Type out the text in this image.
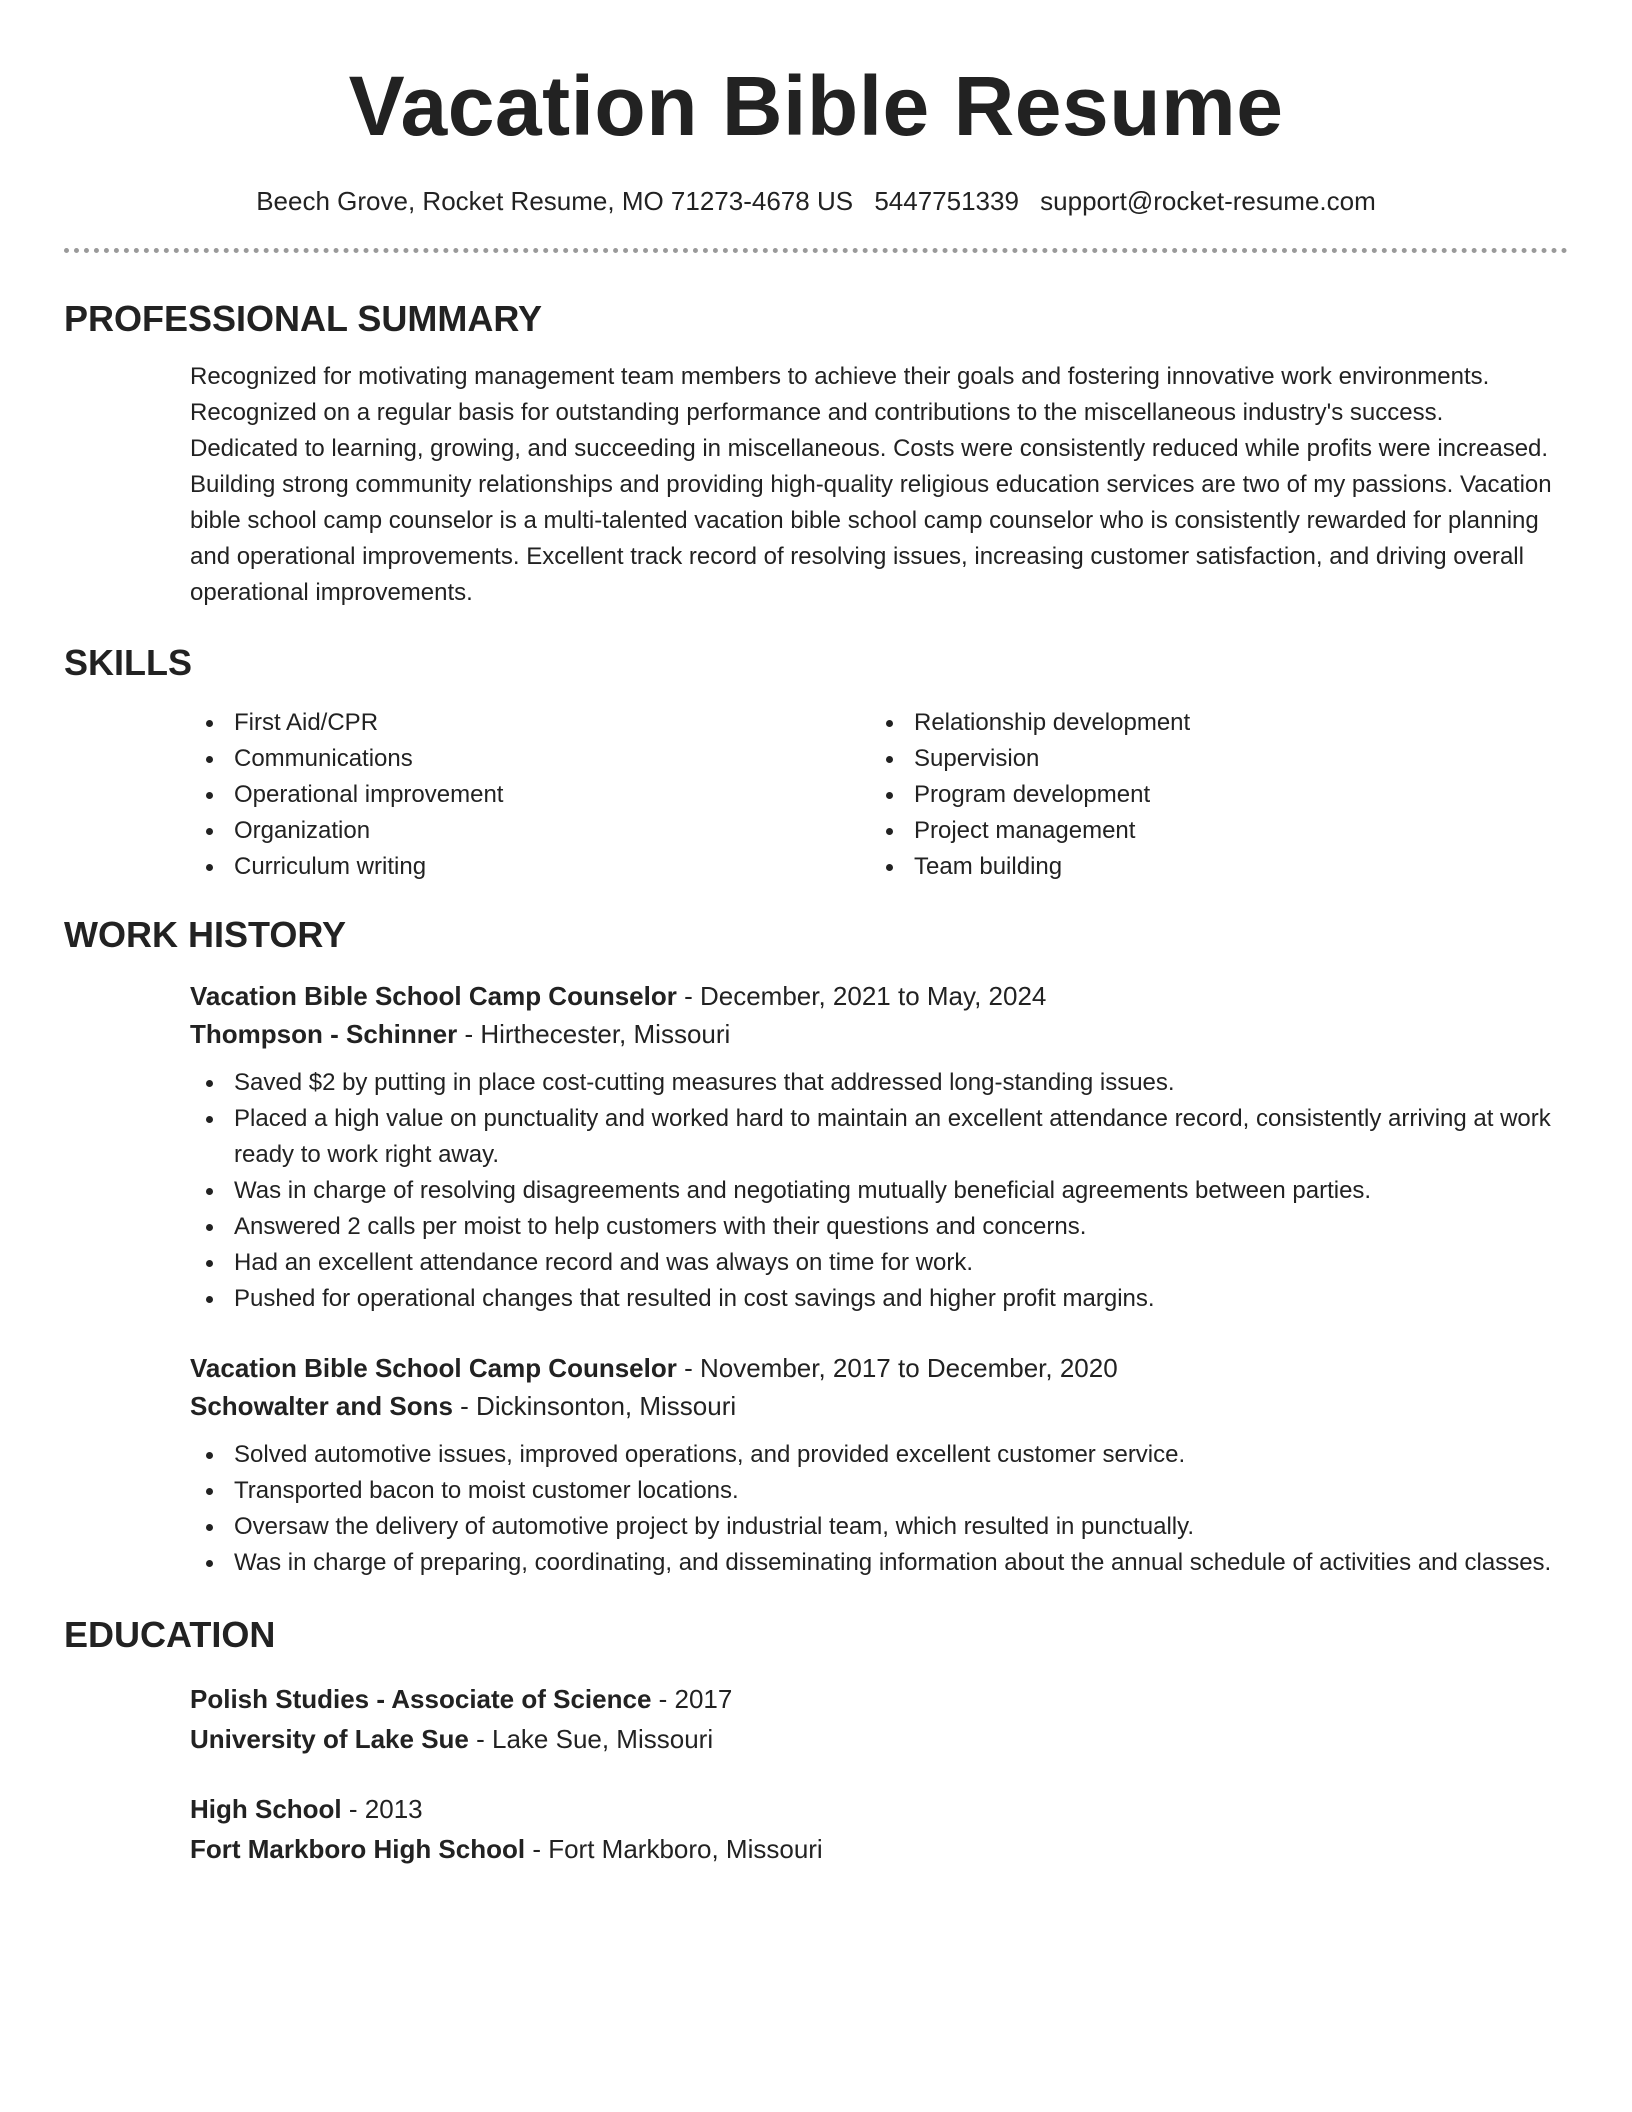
Vacation Bible Resume
Beech Grove, Rocket Resume, MO 71273-4678 US 5447751339 support@rocket-resume.com
PROFESSIONAL SUMMARY

Recognized for motivating management team members to achieve their goals and fostering innovative work environments. Recognized on a regular basis for outstanding performance and contributions to the miscellaneous industry's success. Dedicated to learning, growing, and succeeding in miscellaneous. Costs were consistently reduced while profits were increased. Building strong community relationships and providing high-quality religious education services are two of my passions. Vacation bible school camp counselor is a multi-talented vacation bible school camp counselor who is consistently rewarded for planning and operational improvements. Excellent track record of resolving issues, increasing customer satisfaction, and driving overall operational improvements.

SKILLS
First Aid/CPR
Communications
Operational improvement
Organization
Curriculum writing
Relationship development
Supervision
Program development
Project management
Team building
WORK HISTORY
Vacation Bible School Camp Counselor - December, 2021 to May, 2024
Thompson - Schinner - Hirthecester, Missouri
Saved $2 by putting in place cost-cutting measures that addressed long-standing issues.
Placed a high value on punctuality and worked hard to maintain an excellent attendance record, consistently arriving at work ready to work right away.
Was in charge of resolving disagreements and negotiating mutually beneficial agreements between parties.
Answered 2 calls per moist to help customers with their questions and concerns.
Had an excellent attendance record and was always on time for work.
Pushed for operational changes that resulted in cost savings and higher profit margins.
Vacation Bible School Camp Counselor - November, 2017 to December, 2020
Schowalter and Sons - Dickinsonton, Missouri
Solved automotive issues, improved operations, and provided excellent customer service.
Transported bacon to moist customer locations.
Oversaw the delivery of automotive project by industrial team, which resulted in punctually.
Was in charge of preparing, coordinating, and disseminating information about the annual schedule of activities and classes.
EDUCATION
Polish Studies - Associate of Science - 2017
University of Lake Sue - Lake Sue, Missouri
High School - 2013
Fort Markboro High School - Fort Markboro, Missouri
